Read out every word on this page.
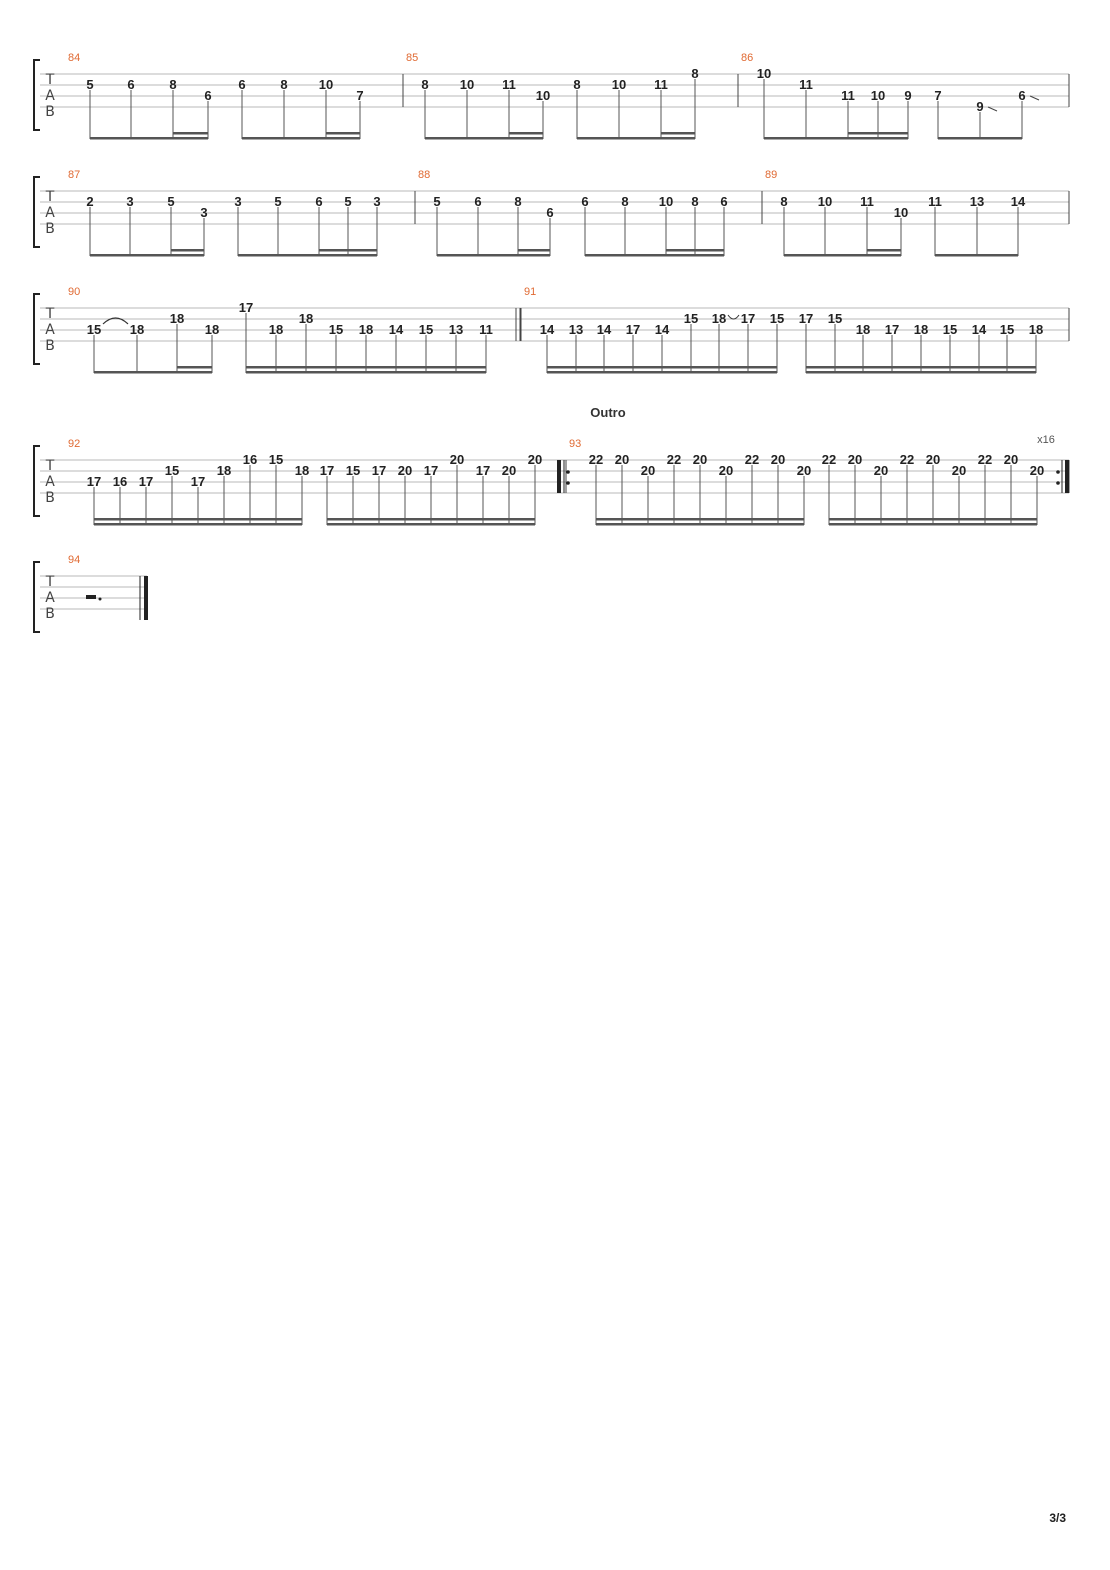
T
A
B
84
5	6	8
6
6	8 10
7
85
8 10 11
10
8 10 11
8
86
10
11
11 10 9 7
9
6
T
A
B
87
2	3	5
3
3	5	6 5 3
88
5	6	8
6
6	8 10 8 6
89
8 10 11
10
11 13 14
T
A
B
90
15 18
18
18
17
18
18
15 18 14 15 13 11
91
14 13 14 17 14
15 18 17 15 17 15
18 17 18 15 14 15 18
T
A
B
92
17 16 17
15
17
18
16 15
18 17 15 17 20 17
20
17 20
20
93
22 20
20
22 20
20
22 20
20
22 20
20
22 20
20
22 20
20
x16
Outro
T
A
B
94
3/3
